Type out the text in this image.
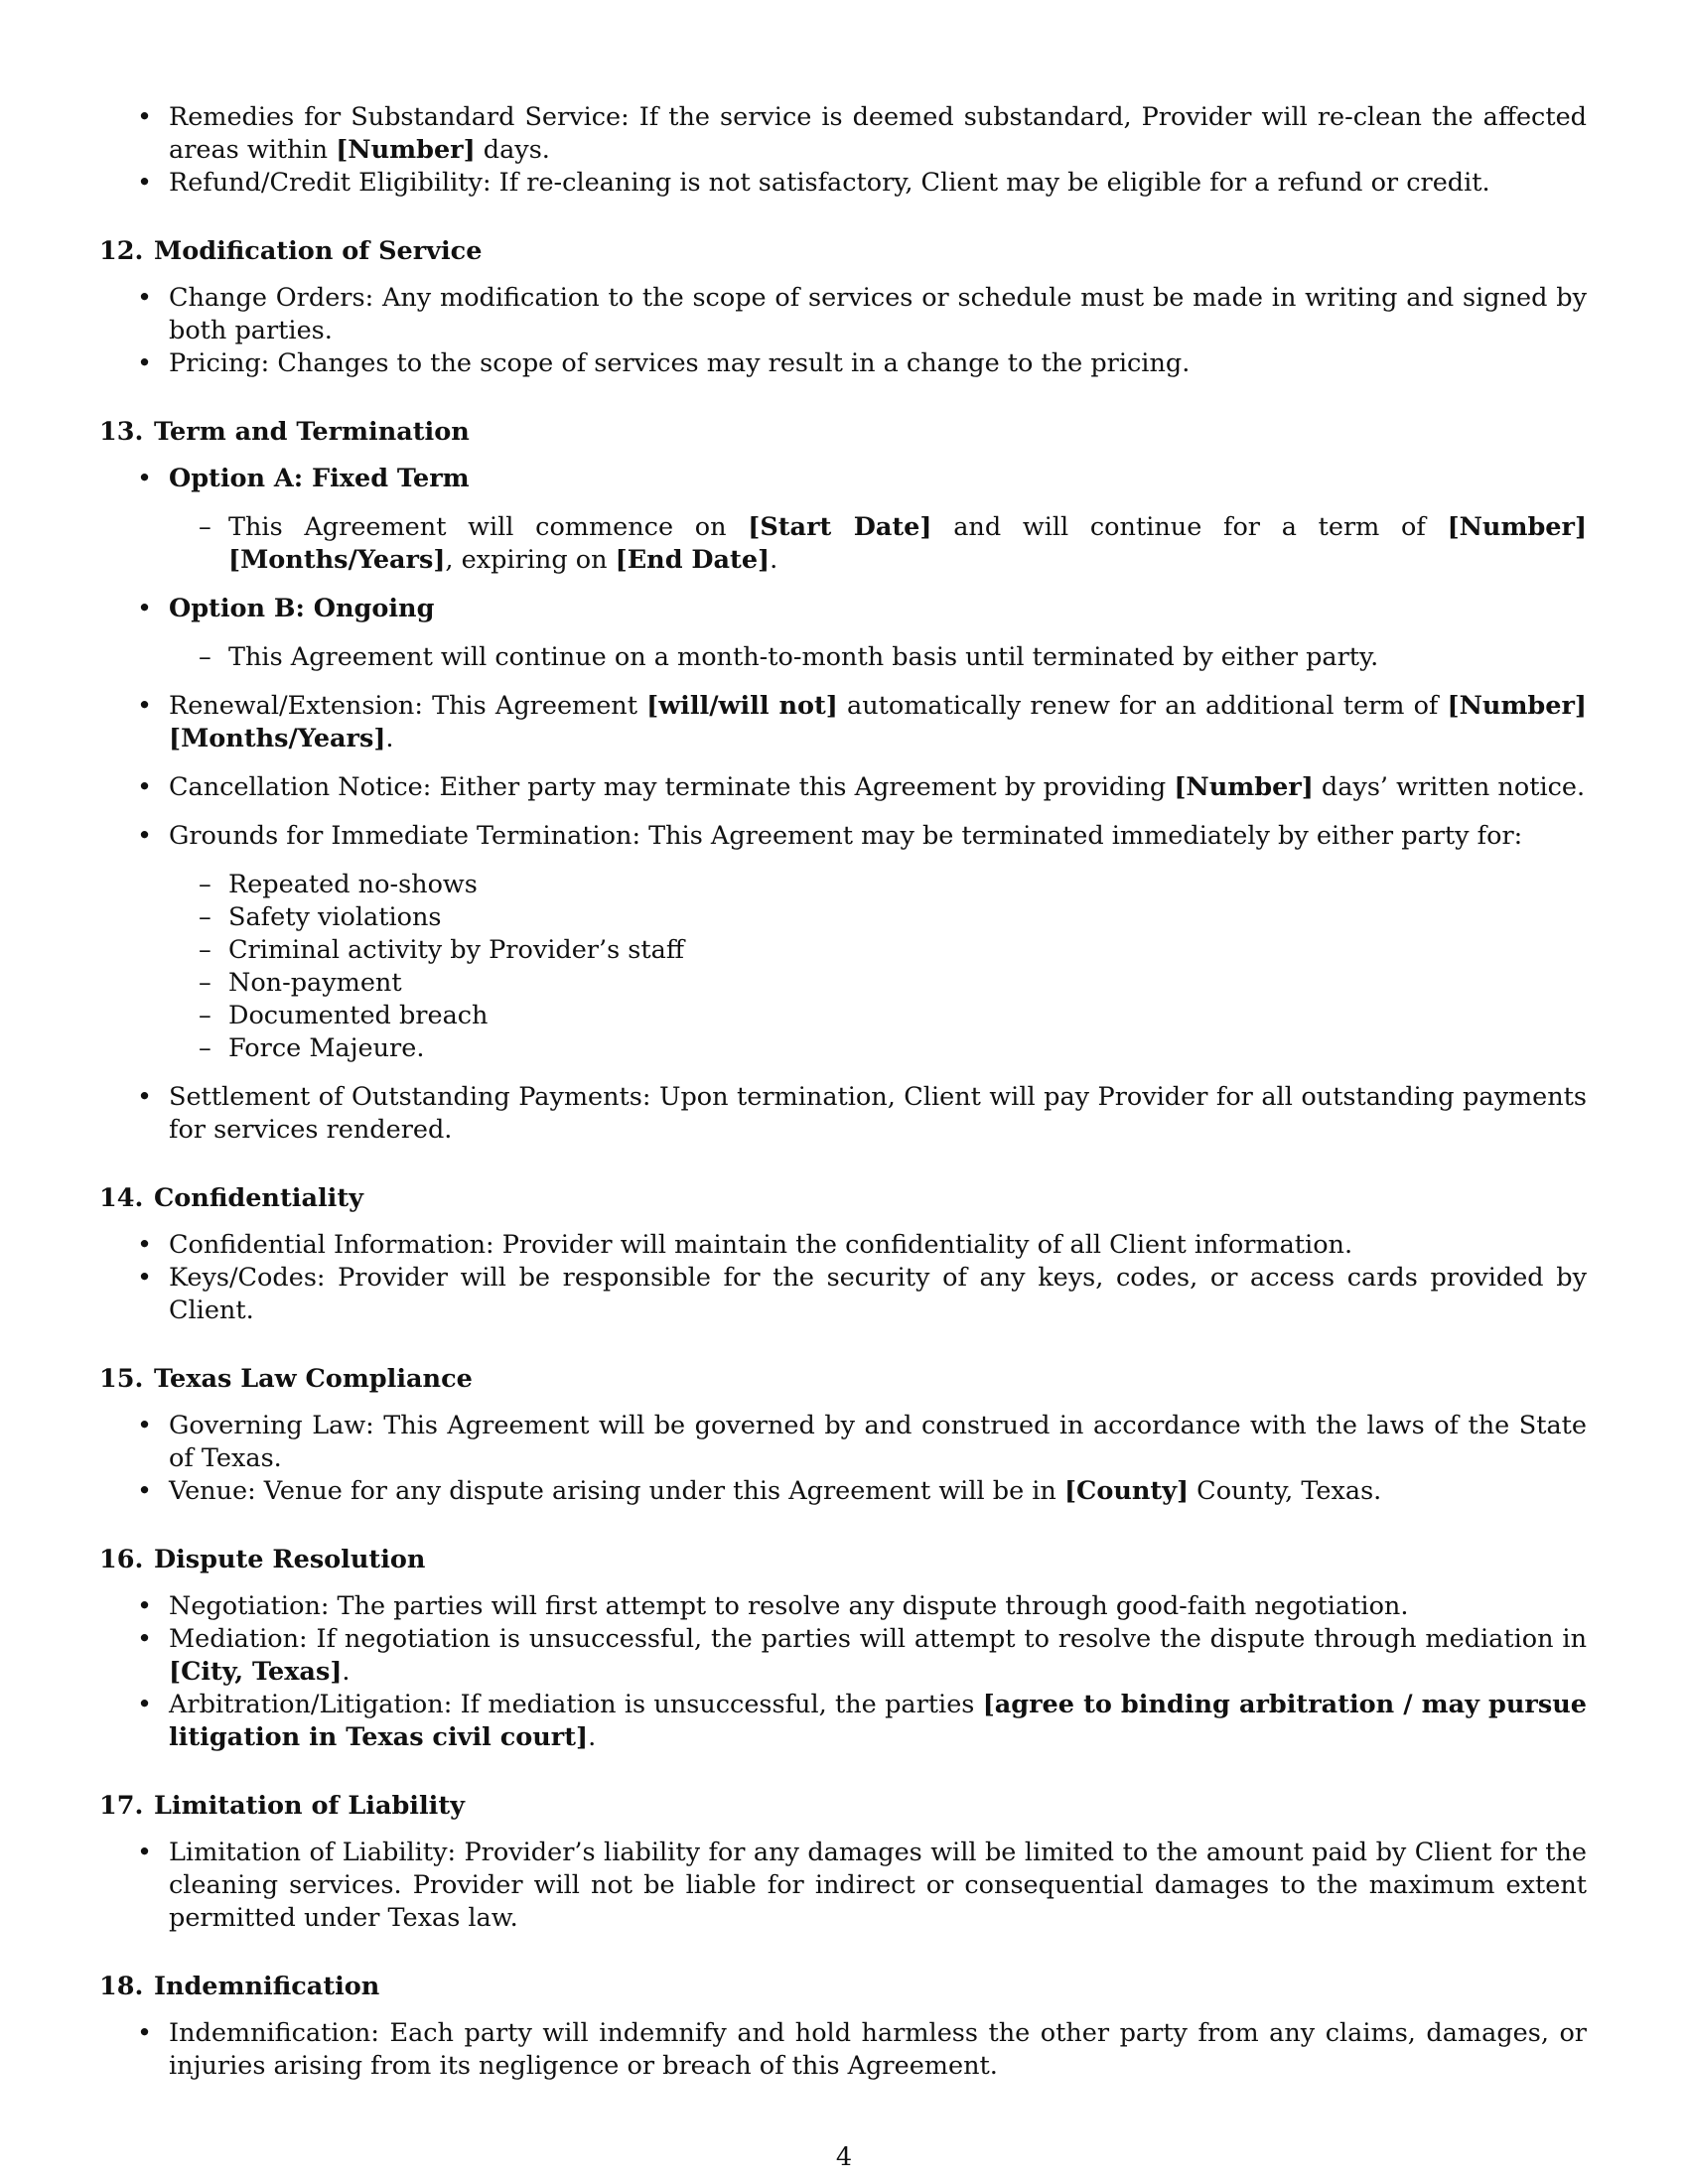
• Remedies for Substandard Service: If the service is deemed substandard, Provider will re-clean the affected areas within [Number] days.
• Refund/Credit Eligibility: If re-cleaning is not satisfactory, Client may be eligible for a refund or credit.
12. Modification of Service
• Change Orders: Any modification to the scope of services or schedule must be made in writing and signed by both parties.
• Pricing: Changes to the scope of services may result in a change to the pricing.
13. Term and Termination
• Option A: Fixed Term
– This Agreement will commence on [Start Date] and will continue for a term of [Number] [Months/Years], expiring on [End Date].
• Option B: Ongoing
– This Agreement will continue on a month-to-month basis until terminated by either party.
• Renewal/Extension: This Agreement [will/will not] automatically renew for an additional term of [Number] [Months/Years].
• Cancellation Notice: Either party may terminate this Agreement by providing [Number] days’ written notice.
• Grounds for Immediate Termination: This Agreement may be terminated immediately by either party for:
– Repeated no-shows
– Safety violations
– Criminal activity by Provider’s staff
– Non-payment
– Documented breach
– Force Majeure.
• Settlement of Outstanding Payments: Upon termination, Client will pay Provider for all outstanding payments for services rendered.
14. Confidentiality
• Confidential Information: Provider will maintain the confidentiality of all Client information.
• Keys/Codes: Provider will be responsible for the security of any keys, codes, or access cards provided by Client.
15. Texas Law Compliance
• Governing Law: This Agreement will be governed by and construed in accordance with the laws of the State of Texas.
• Venue: Venue for any dispute arising under this Agreement will be in [County] County, Texas.
16. Dispute Resolution
• Negotiation: The parties will first attempt to resolve any dispute through good-faith negotiation.
• Mediation: If negotiation is unsuccessful, the parties will attempt to resolve the dispute through mediation in [City, Texas].
• Arbitration/Litigation: If mediation is unsuccessful, the parties [agree to binding arbitration / may pursue litigation in Texas civil court].
17. Limitation of Liability
• Limitation of Liability: Provider’s liability for any damages will be limited to the amount paid by Client for the cleaning services. Provider will not be liable for indirect or consequential damages to the maximum extent permitted under Texas law.
18. Indemnification
• Indemnification: Each party will indemnify and hold harmless the other party from any claims, damages, or injuries arising from its negligence or breach of this Agreement.
4
